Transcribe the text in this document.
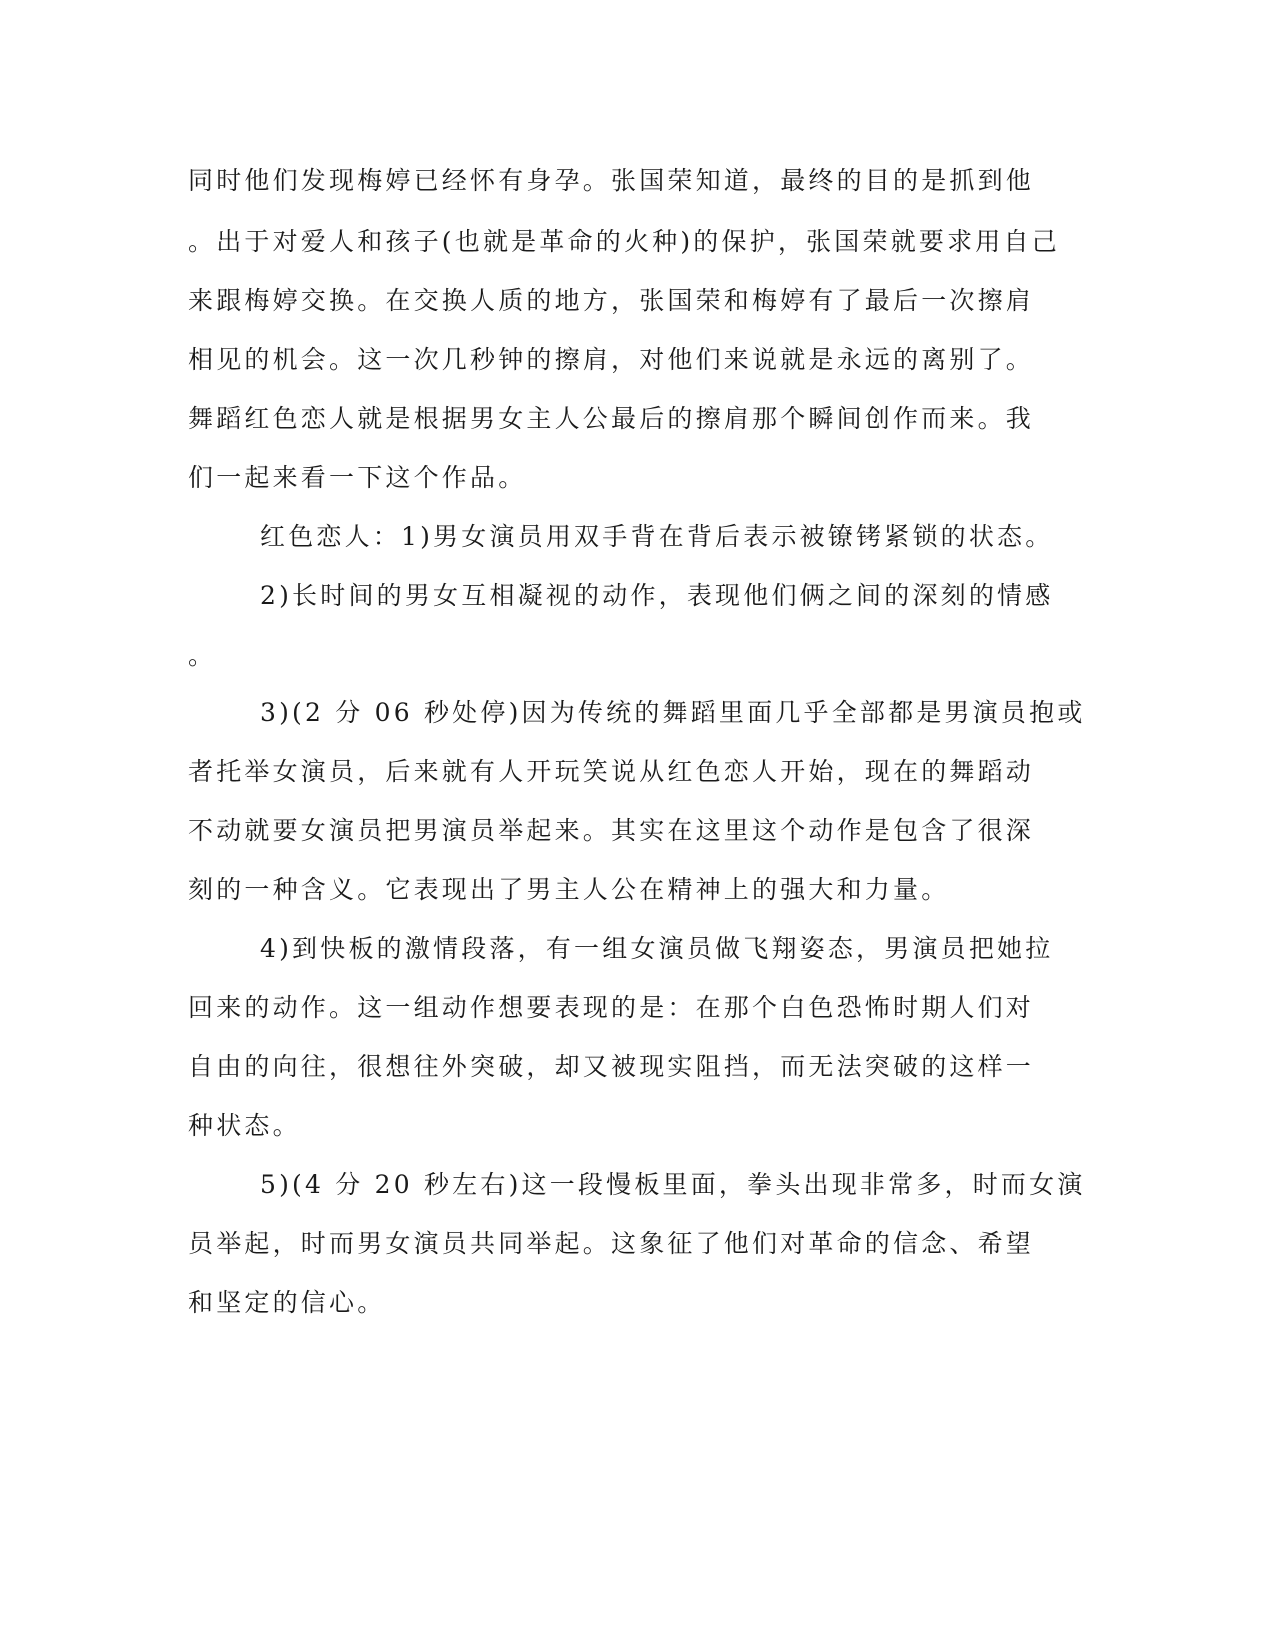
同时他们发现梅婷已经怀有身孕。张国荣知道，最终的目的是抓到他
。出于对爱人和孩子(也就是革命的火种)的保护，张国荣就要求用自己
来跟梅婷交换。在交换人质的地方，张国荣和梅婷有了最后一次擦肩
相见的机会。这一次几秒钟的擦肩，对他们来说就是永远的离别了。
舞蹈红色恋人就是根据男女主人公最后的擦肩那个瞬间创作而来。我
们一起来看一下这个作品。
红色恋人：1)男女演员用双手背在背后表示被镣铐紧锁的状态。
2)长时间的男女互相凝视的动作，表现他们俩之间的深刻的情感
。
3)(2 分 06 秒处停)因为传统的舞蹈里面几乎全部都是男演员抱或
者托举女演员，后来就有人开玩笑说从红色恋人开始，现在的舞蹈动
不动就要女演员把男演员举起来。其实在这里这个动作是包含了很深
刻的一种含义。它表现出了男主人公在精神上的强大和力量。
4)到快板的激情段落，有一组女演员做飞翔姿态，男演员把她拉
回来的动作。这一组动作想要表现的是：在那个白色恐怖时期人们对
自由的向往，很想往外突破，却又被现实阻挡，而无法突破的这样一
种状态。
5)(4 分 20 秒左右)这一段慢板里面，拳头出现非常多，时而女演
员举起，时而男女演员共同举起。这象征了他们对革命的信念、希望
和坚定的信心。
